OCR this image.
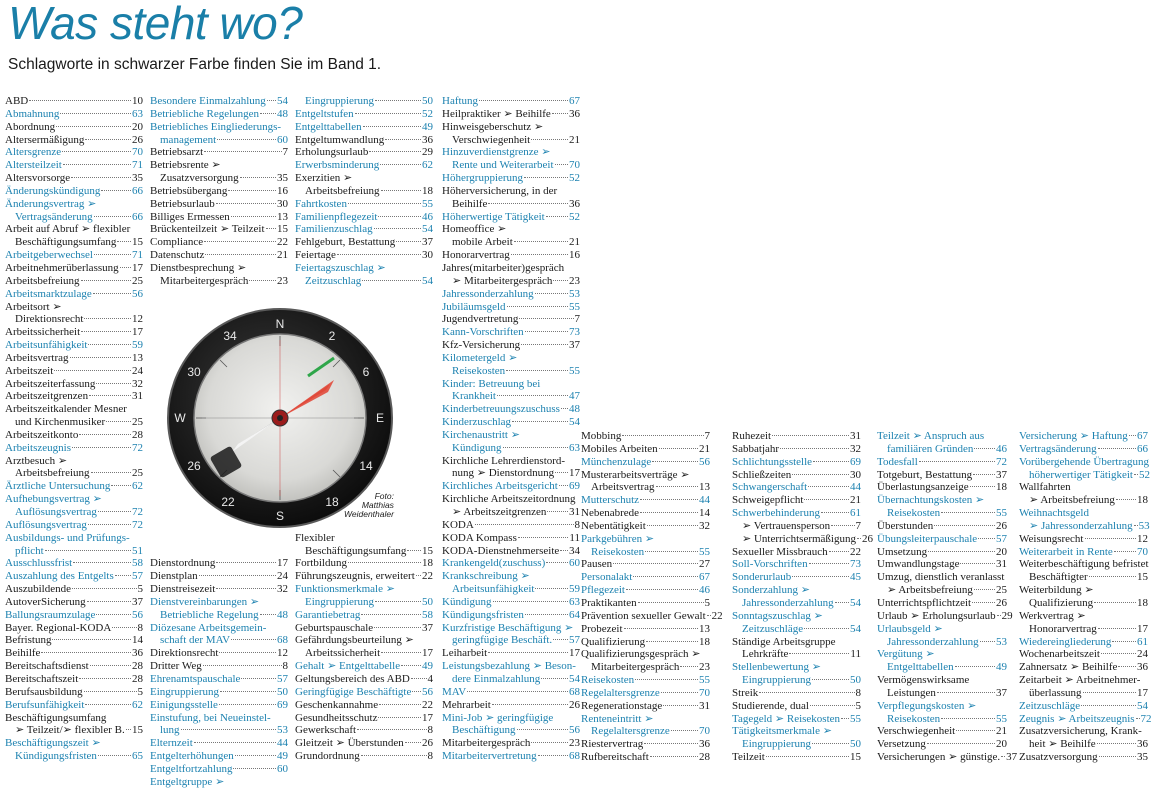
Was steht wo?
Schlagworte in schwarzer Farbe finden Sie im Band 1.
ABD	10
Abmahnung	63
Abordnung	20
Altersermäßigung	26
Altersgrenze	70
Altersteilzeit	71
Altersvorsorge	35
Änderungskündigung	66
Änderungsvertrag ➢
Vertragsänderung	66
Arbeit auf Abruf ➢ flexibler
Beschäftigungsumfang 15
Arbeitgeberwechsel	71
Arbeitnehmerüberlassung 17
Arbeitsbefreiung	25
Arbeitsmarktzulage	56
Arbeitsort ➢
Direktionsrecht	12
Arbeitssicherheit	17
Arbeitsunfähigkeit	59
Arbeitsvertrag	13
Arbeitszeit	24
Arbeitszeiterfassung	32
Arbeitszeitgrenzen	31
Arbeitszeitkalender Mesner
und Kirchenmusiker 25
Arbeitszeitkonto	28
Arbeitszeugnis	72
Arztbesuch ➢
Arbeitsbefreiung	25
Ärztliche Untersuchung 62
Aufhebungsvertrag ➢
Auflösungsvertrag	72
Auflösungsvertrag	72
Ausbildungs- und Prüfungs-
pflicht	51
Ausschlussfrist	58
Auszahlung des Entgelts 57
Auszubildende	5
AutoverSicherung	37
Ballungsraumzulage	56
Bayer. Regional-KODA 8
Befristung	14
Beihilfe	36
Bereitschaftsdienst	28
Bereitschaftszeit	28
Berufsausbildung	5
Berufsunfähigkeit	62
Beschäftigungsumfang
➢ Teilzeit/➢ flexibler B. 15
Beschäftigungszeit ➢
Kündigungsfristen	65
Besondere Einmalzahlung 54
Betriebliche Regelungen 48
Betriebliches Eingliederungs-
management	60
Betriebsarzt	7
Betriebsrente ➢
Zusatzversorgung	35
Betriebsübergang	16
Betriebsurlaub	30
Billiges Ermessen	13
Brückenteilzeit ➢ Teilzeit 15
Compliance	22
Datenschutz	21
Dienstbesprechung ➢
Mitarbeitergespräch	23

Dienstordnung	17
Dienstplan	24
Dienstreisezeit	32
Dienstvereinbarungen ➢
Betriebliche Regelung 48
Diözesane Arbeitsgemein-
schaft der MAV	68
Direktionsrecht	12
Dritter Weg	8
Ehrenamtspauschale	57
Eingruppierung	50
Einigungsstelle	69
Einstufung, bei Neueinstel-
lung	53
Elternzeit	44
Entgelterhöhungen	49
Entgeltfortzahlung	60
Entgeltgruppe ➢
Eingruppierung	50
Entgeltstufen	52
Entgelttabellen	49
Entgeltumwandlung	36
Erholungsurlaub	29
Erwerbsminderung	62
Exerzitien ➢
Arbeitsbefreiung	18
Fahrtkosten	55
Familienpflegezeit	46
Familienzuschlag	54
Fehlgeburt, Bestattung 37
Feiertage	30
Feiertagszuschlag ➢
Zeitzuschlag	54

Flexibler
Beschäftigungsumfang 15
Fortbildung	18
Führungszeugnis, erweitert 22
Funktionsmerkmale ➢
Eingruppierung	50
Garantiebetrag	58
Geburtspauschale	37
Gefährdungsbeurteilung ➢
Arbeitssicherheit	17
Gehalt ➢ Entgelttabelle 49
Geltungsbereich des ABD 4
Geringfügige Beschäftigte 56
Geschenkannahme	22
Gesundheitsschutz	17
Gewerkschaft	8
Gleitzeit ➢ Überstunden 26
Grundordnung	8
Haftung	67
Heilpraktiker ➢ Beihilfe 36
Hinweisgeberschutz ➢
Verschwiegenheit	21
Hinzuverdienstgrenze ➢
Rente und Weiterarbeit 70
Höhergruppierung	52
Höherversicherung, in der
Beihilfe	36
Höherwertige Tätigkeit 52
Homeoffice ➢
mobile Arbeit	21
Honorarvertrag	16
Jahres(mitarbeiter)gespräch
➢ Mitarbeitergespräch 23
Jahressonderzahlung	53
Jubiläumsgeld	55
Jugendvertretung	7
Kann-Vorschriften	73
Kfz-Versicherung	37
Kilometergeld ➢
Reisekosten	55
Kinder: Betreuung bei
Krankheit	47
Kinderbetreuungszuschuss 48
Kinderzuschlag	54
Kirchenaustritt ➢
Kündigung	63
Kirchliche Lehrerdienstord-
nung ➢ Dienstordnung 17
Kirchliches Arbeitsgericht 69
Kirchliche Arbeitszeitordnung
➢ Arbeitszeitgrenzen 31
KODA	8
KODA Kompass	11
KODA-Dienstnehmerseite 34
Krankengeld(zuschuss) 60
Krankschreibung ➢
Arbeitsunfähigkeit	59
Kündigung	63
Kündigungsfristen	64
Kurzfristige Beschäftigung ➢
geringfügige Beschäft. 57
Leiharbeit	17
Leistungsbezahlung ➢ Beson-
dere Einmalzahlung	54
MAV	68
Mehrarbeit	26
Mini-Job ➢ geringfügige
Beschäftigung	56
Mitarbeitergespräch	23
Mitarbeitervertretung	68
Mobbing	7
Mobiles Arbeiten	21
Münchenzulage	56
Musterarbeitsverträge ➢
Arbeitsvertrag	13
Mutterschutz	44
Nebenabrede	14
Nebentätigkeit	32
Parkgebühren ➢
Reisekosten	55
Pausen	27
Personalakt	67
Pflegezeit	46
Praktikanten	5
Prävention sexueller Gewalt 22
Probezeit	13
Qualifizierung	18
Qualifizierungsgespräch ➢
Mitarbeitergespräch 23
Reisekosten	55
Regelaltersgrenze	70
Regenerationstage	31
Renteneintritt ➢
Regelaltersgrenze	70
Riestervertrag	36
Rufbereitschaft	28
Ruhezeit	31
Sabbatjahr	32
Schlichtungsstelle	69
Schließzeiten	30
Schwangerschaft	44
Schweigepflicht	21
Schwerbehinderung	61
➢ Vertrauensperson 7
➢ Unterrichtsermäßigung 26
Sexueller Missbrauch 22
Soll-Vorschriften	73
Sonderurlaub	45
Sonderzahlung ➢
Jahressonderzahlung 54
Sonntagszuschlag ➢
Zeitzuschläge	54
Ständige Arbeitsgruppe
Lehrkräfte	11
Stellenbewertung ➢
Eingruppierung	50
Streik	8
Studierende, dual	5
Tagegeld ➢ Reisekosten 55
Tätigkeitsmerkmale ➢
Eingruppierung	50
Teilzeit	15
Teilzeit ➢ Anspruch aus
familiären Gründen 46
Todesfall	72
Totgeburt, Bestattung 37
Überlastungsanzeige 18
Übernachtungskosten ➢
Reisekosten	55
Überstunden	26
Übungsleiterpauschale 57
Umsetzung	20
Umwandlungstage	31
Umzug, dienstlich veranlasst
➢ Arbeitsbefreiung 25
Unterrichtspflichtzeit 26
Urlaub ➢ Erholungsurlaub 29
Urlaubsgeld ➢
Jahressonderzahlung 53
Vergütung ➢
Entgelttabellen	49
Vermögenswirksame
Leistungen	37
Verpflegungskosten ➢
Reisekosten	55
Verschwiegenheit	21
Versetzung	20
Versicherungen ➢ günstige. 37
Versicherung ➢ Haftung 67
Vertragsänderung	66
Vorübergehende Übertragung
höherwertiger Tätigkeit 52
Wallfahrten
➢ Arbeitsbefreiung 18
Weihnachtsgeld
➢ Jahressonderzahlung 53
Weisungsrecht	12
Weiterarbeit in Rente 70
Weiterbeschäftigung befristet
Beschäftigter	15
Weiterbildung ➢
Qualifizierung	18
Werkvertrag ➢
Honorarvertrag	17
Wiedereingliederung 61
Wochenarbeitszeit	24
Zahnersatz ➢ Beihilfe 36
Zeitarbeit ➢ Arbeitnehmer-
überlassung	17
Zeitzuschläge	54
Zeugnis ➢ Arbeitszeugnis 72
Zusatzversicherung, Krank-
heit ➢ Beihilfe	36
Zusatzversorgung	35
N
2
6
E
14
18
S
22
26
W
30
34
Foto:
Matthias
Weidenthaler
